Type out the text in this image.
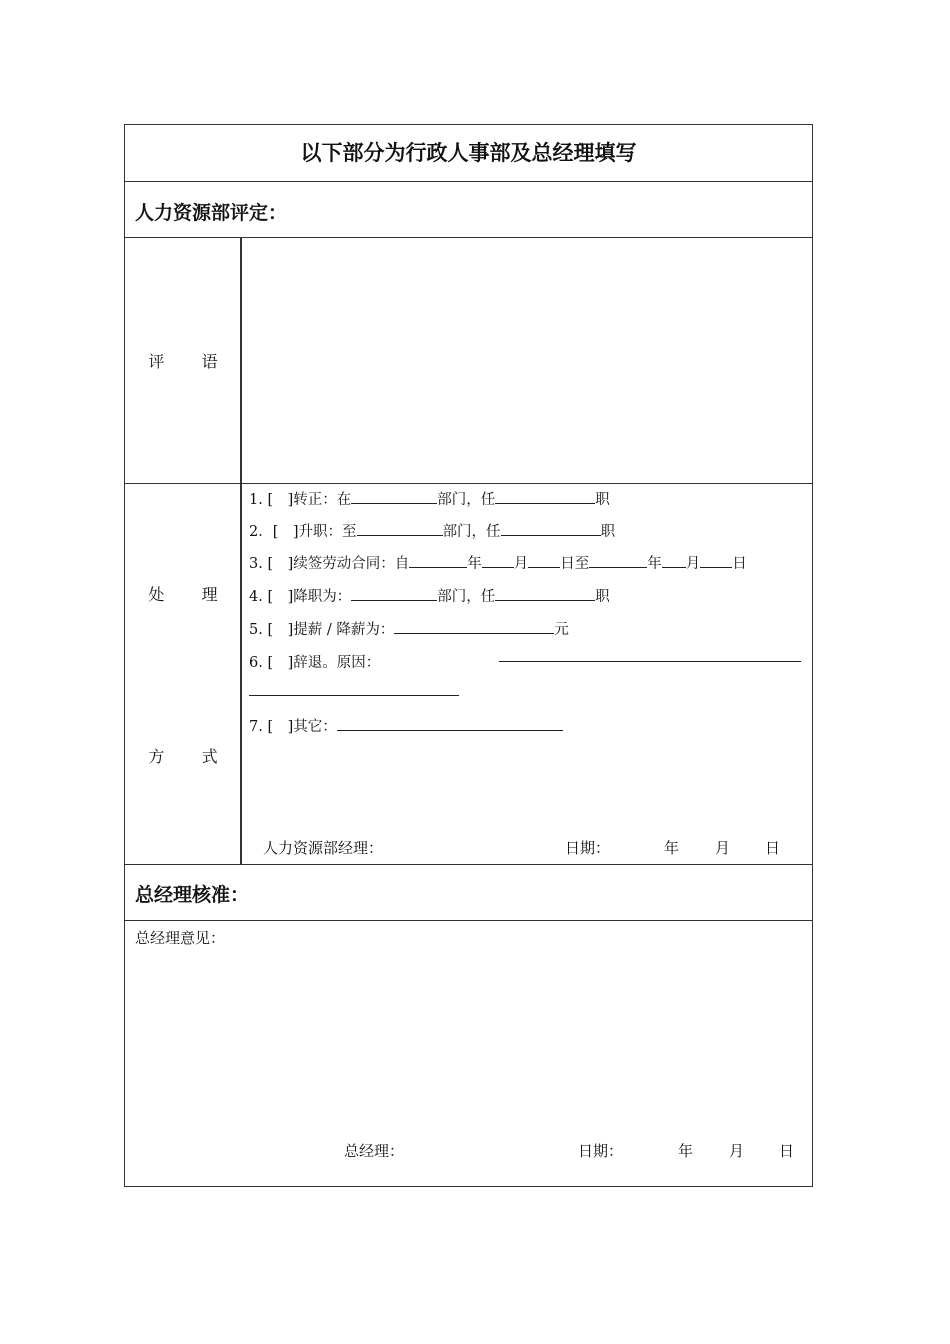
以下部分为行政人事部及总经理填写
人力资源部评定：
评 语
处 理
方 式
1. [　]转正：在	部门，任	职
2．[　]升职：至	部门，任	职
3. [　]续签劳动合同：自	年 月 日至	年 月 日
4. [　]降职为：	部门，任	职
5. [　]提薪 / 降薪为：	元
6. [　]辞退。原因：
7. [　]其它：
人力资源部经理：	日期：	年 月 日
总经理核准：
总经理意见：
总经理：	日期：	年 月 日
